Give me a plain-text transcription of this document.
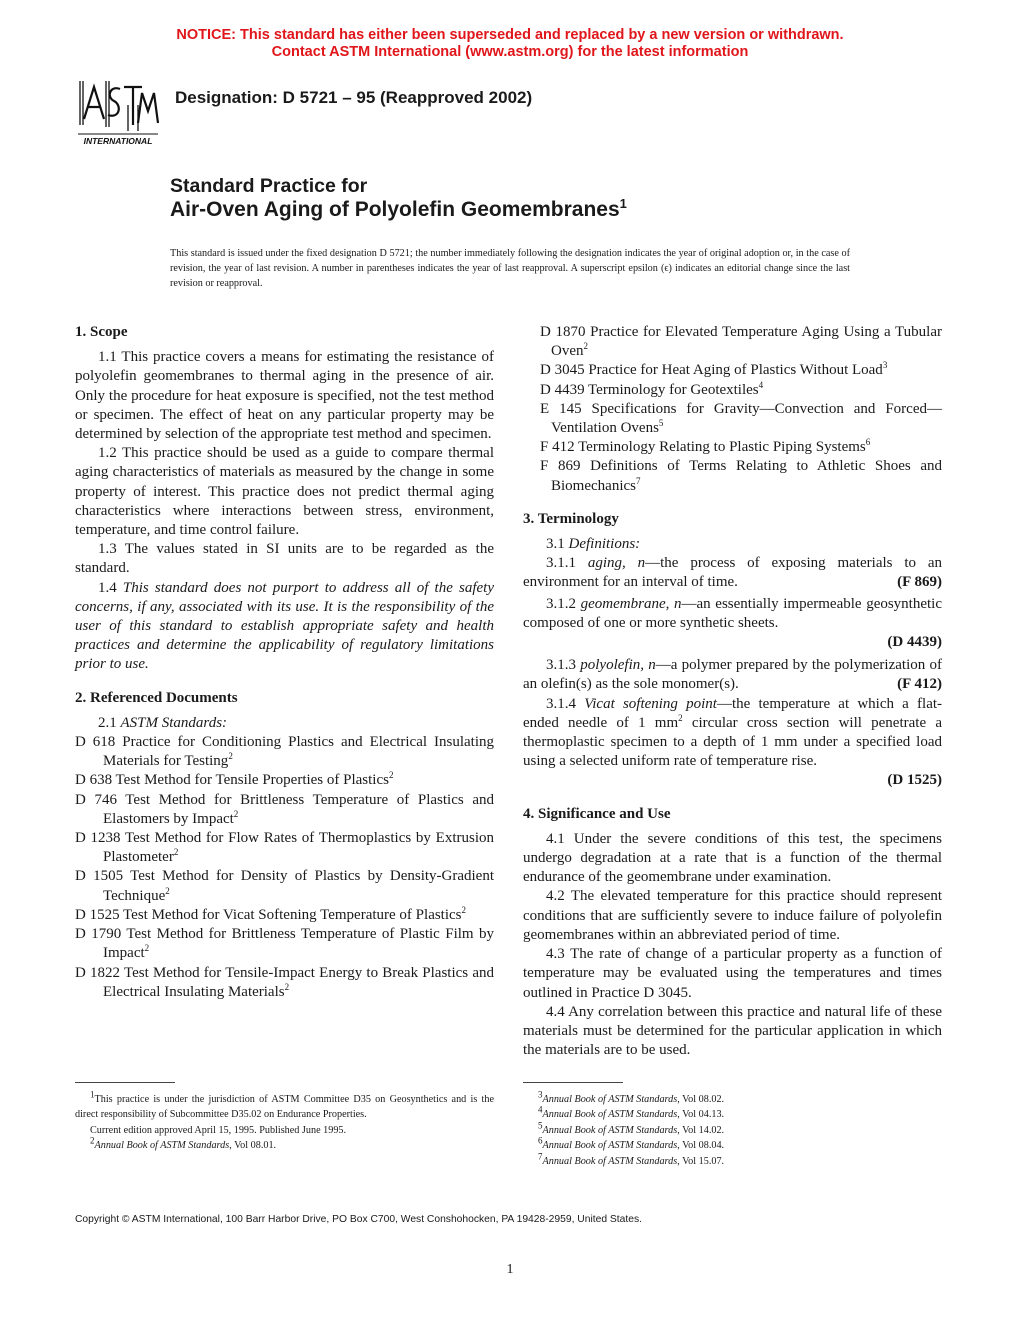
NOTICE: This standard has either been superseded and replaced by a new version or withdrawn.
Contact ASTM International (www.astm.org) for the latest information
INTERNATIONAL
Designation: D 5721 – 95 (Reapproved 2002)
Standard Practice for
Air-Oven Aging of Polyolefin Geomembranes$^1$
This standard is issued under the fixed designation D 5721; the number immediately following the designation indicates the year of original adoption or, in the case of revision, the year of last revision. A number in parentheses indicates the year of last reapproval. A superscript epsilon (ϵ) indicates an editorial change since the last revision or reapproval.
1. Scope

1.1 This practice covers a means for estimating the resistance of polyolefin geomembranes to thermal aging in the presence of air. Only the procedure for heat exposure is specified, not the test method or specimen. The effect of heat on any particular property may be determined by selection of the appropriate test method and specimen.

1.2 This practice should be used as a guide to compare thermal aging characteristics of materials as measured by the change in some property of interest. This practice does not predict thermal aging characteristics where interactions between stress, environment, temperature, and time control failure.

1.3 The values stated in SI units are to be regarded as the standard.

1.4 This standard does not purport to address all of the safety concerns, if any, associated with its use. It is the responsibility of the user of this standard to establish appropriate safety and health practices and determine the applicability of regulatory limitations prior to use.

2. Referenced Documents

2.1 ASTM Standards:

D 618 Practice for Conditioning Plastics and Electrical Insulating Materials for Testing$^2$

D 638 Test Method for Tensile Properties of Plastics$^2$

D 746 Test Method for Brittleness Temperature of Plastics and Elastomers by Impact$^2$

D 1238 Test Method for Flow Rates of Thermoplastics by Extrusion Plastometer$^2$

D 1505 Test Method for Density of Plastics by Density-Gradient Technique$^2$

D 1525 Test Method for Vicat Softening Temperature of Plastics$^2$

D 1790 Test Method for Brittleness Temperature of Plastic Film by Impact$^2$

D 1822 Test Method for Tensile-Impact Energy to Break Plastics and Electrical Insulating Materials$^2$

D 1870 Practice for Elevated Temperature Aging Using a Tubular Oven$^2$

D 3045 Practice for Heat Aging of Plastics Without Load$^3$

D 4439 Terminology for Geotextiles$^4$

E 145 Specifications for Gravity—Convection and Forced—Ventilation Ovens$^5$

F 412 Terminology Relating to Plastic Piping Systems$^6$

F 869 Definitions of Terms Relating to Athletic Shoes and Biomechanics$^7$

3. Terminology

3.1 Definitions:

3.1.1 aging, n—the process of exposing materials to an environment for an interval of time.	(F 869)

3.1.2 geomembrane, n—an essentially impermeable geosynthetic composed of one or more synthetic sheets.

(D 4439)

3.1.3 polyolefin, n—a polymer prepared by the polymerization of an olefin(s) as the sole monomer(s).	(F 412)

3.1.4 Vicat softening point—the temperature at which a flat-ended needle of 1 $mm^2$ circular cross section will penetrate a thermoplastic specimen to a depth of 1 mm under a specified load using a selected uniform rate of temperature rise.

(D 1525)
4. Significance and Use

4.1 Under the severe conditions of this test, the specimens undergo degradation at a rate that is a function of the thermal endurance of the geomembrane under examination.

4.2 The elevated temperature for this practice should represent conditions that are sufficiently severe to induce failure of polyolefin geomembranes within an abbreviated period of time.

4.3 The rate of change of a particular property as a function of temperature may be evaluated using the temperatures and times outlined in Practice D 3045.

4.4 Any correlation between this practice and natural life of these materials must be determined for the particular application in which the materials are to be used.

$^1$This practice is under the jurisdiction of ASTM Committee D35 on Geosynthetics and is the direct responsibility of Subcommittee D35.02 on Endurance Properties.

Current edition approved April 15, 1995. Published June 1995.

$^2$Annual Book of ASTM Standards, Vol 08.01.

$^3$Annual Book of ASTM Standards, Vol 08.02.

$^4$Annual Book of ASTM Standards, Vol 04.13.

$^5$Annual Book of ASTM Standards, Vol 14.02.

$^6$Annual Book of ASTM Standards, Vol 08.04.

$^7$Annual Book of ASTM Standards, Vol 15.07.

Copyright © ASTM International, 100 Barr Harbor Drive, PO Box C700, West Conshohocken, PA 19428-2959, United States.
1
